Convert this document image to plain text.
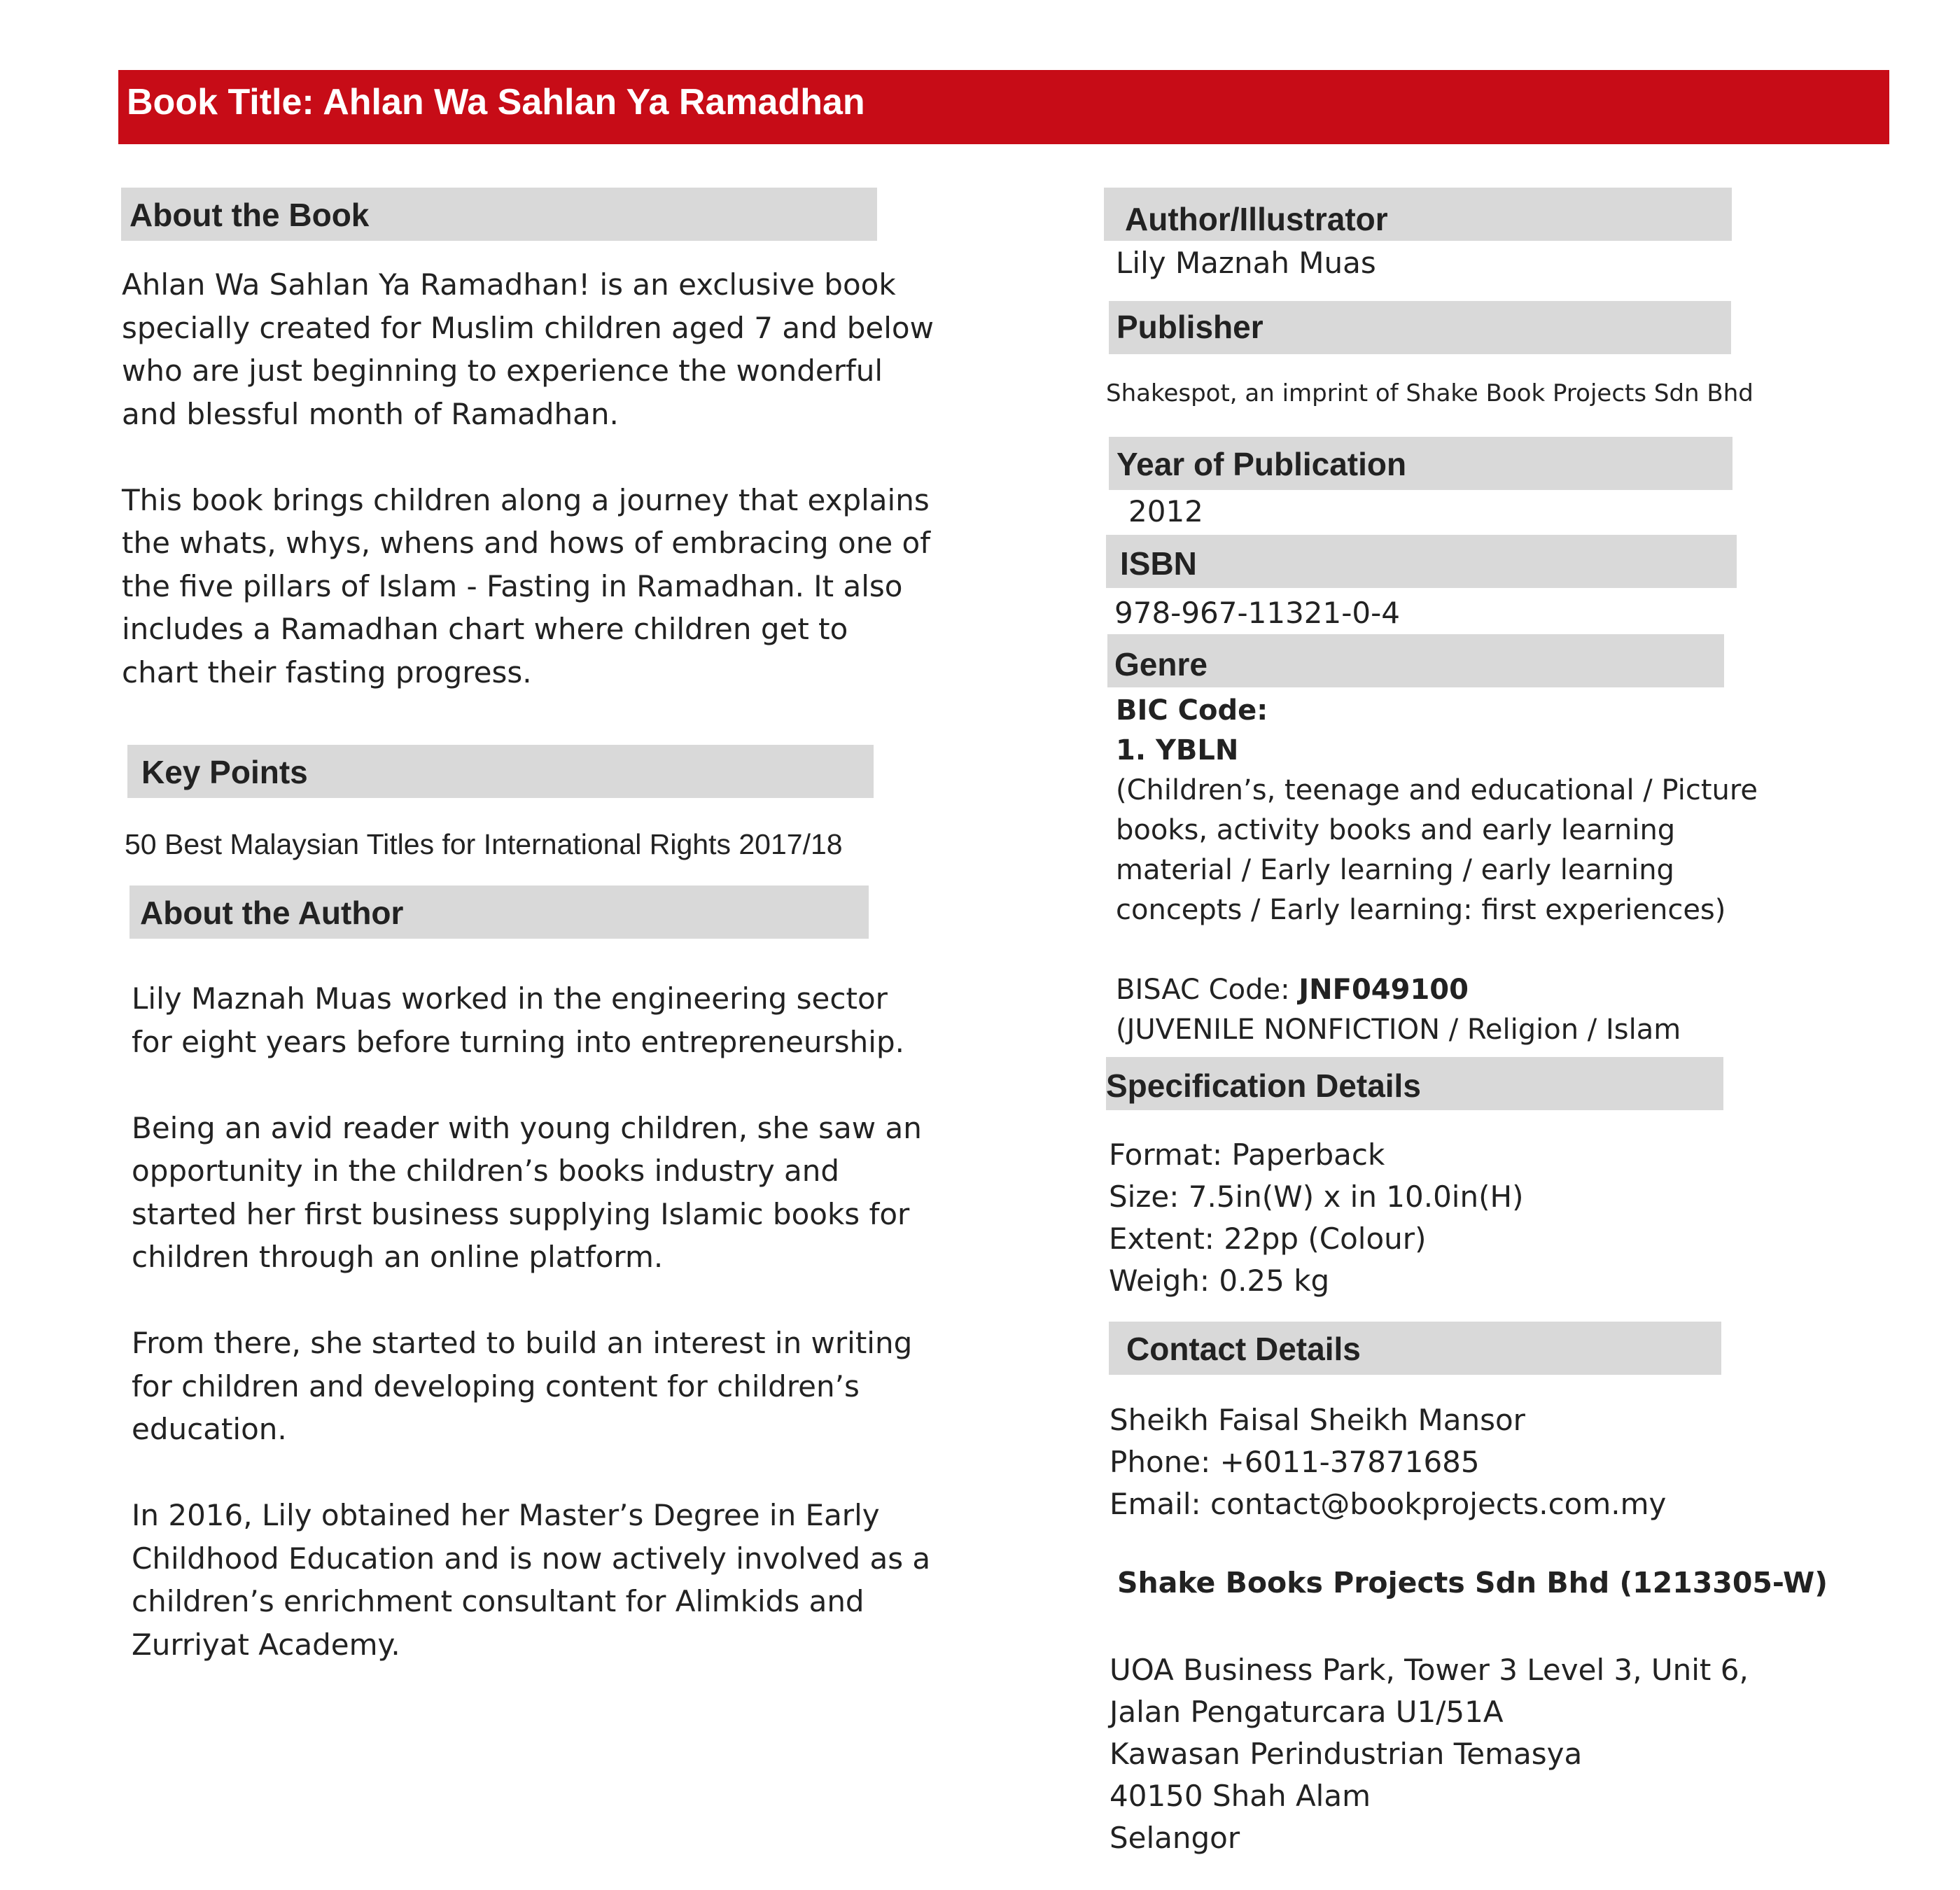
Book Title: Ahlan Wa Sahlan Ya Ramadhan
About the Book
Ahlan Wa Sahlan Ya Ramadhan! is an exclusive book
specially created for Muslim children aged 7 and below
who are just beginning to experience the wonderful
and blessful month of Ramadhan.

This book brings children along a journey that explains
the whats, whys, whens and hows of embracing one of
the five pillars of Islam - Fasting in Ramadhan. It also
includes a Ramadhan chart where children get to
chart their fasting progress.
Key Points
50 Best Malaysian Titles for International Rights 2017/18
About the Author
Lily Maznah Muas worked in the engineering sector
for eight years before turning into entrepreneurship.

Being an avid reader with young children, she saw an
opportunity in the children’s books industry and
started her first business supplying Islamic books for
children through an online platform.

From there, she started to build an interest in writing
for children and developing content for children’s
education.

In 2016, Lily obtained her Master’s Degree in Early
Childhood Education and is now actively involved as a
children’s enrichment consultant for Alimkids and
Zurriyat Academy.
Author/Illustrator
Lily Maznah Muas
Publisher
Shakespot, an imprint of Shake Book Projects Sdn Bhd
Year of Publication
2012
ISBN
978-967-11321-0-4
Genre
BIC Code:
1. YBLN
(Children’s, teenage and educational / Picture
books, activity books and early learning
material / Early learning / early learning
concepts / Early learning: first experiences)
BISAC Code: JNF049100
(JUVENILE NONFICTION / Religion / Islam
Specification Details
Format: Paperback
Size: 7.5in(W) x in 10.0in(H)
Extent: 22pp (Colour)
Weigh: 0.25 kg
Contact Details
Sheikh Faisal Sheikh Mansor
Phone: +6011-37871685
Email: contact@bookprojects.com.my
Shake Books Projects Sdn Bhd (1213305-W)
UOA Business Park, Tower 3 Level 3, Unit 6,
Jalan Pengaturcara U1/51A
Kawasan Perindustrian Temasya
40150 Shah Alam
Selangor
